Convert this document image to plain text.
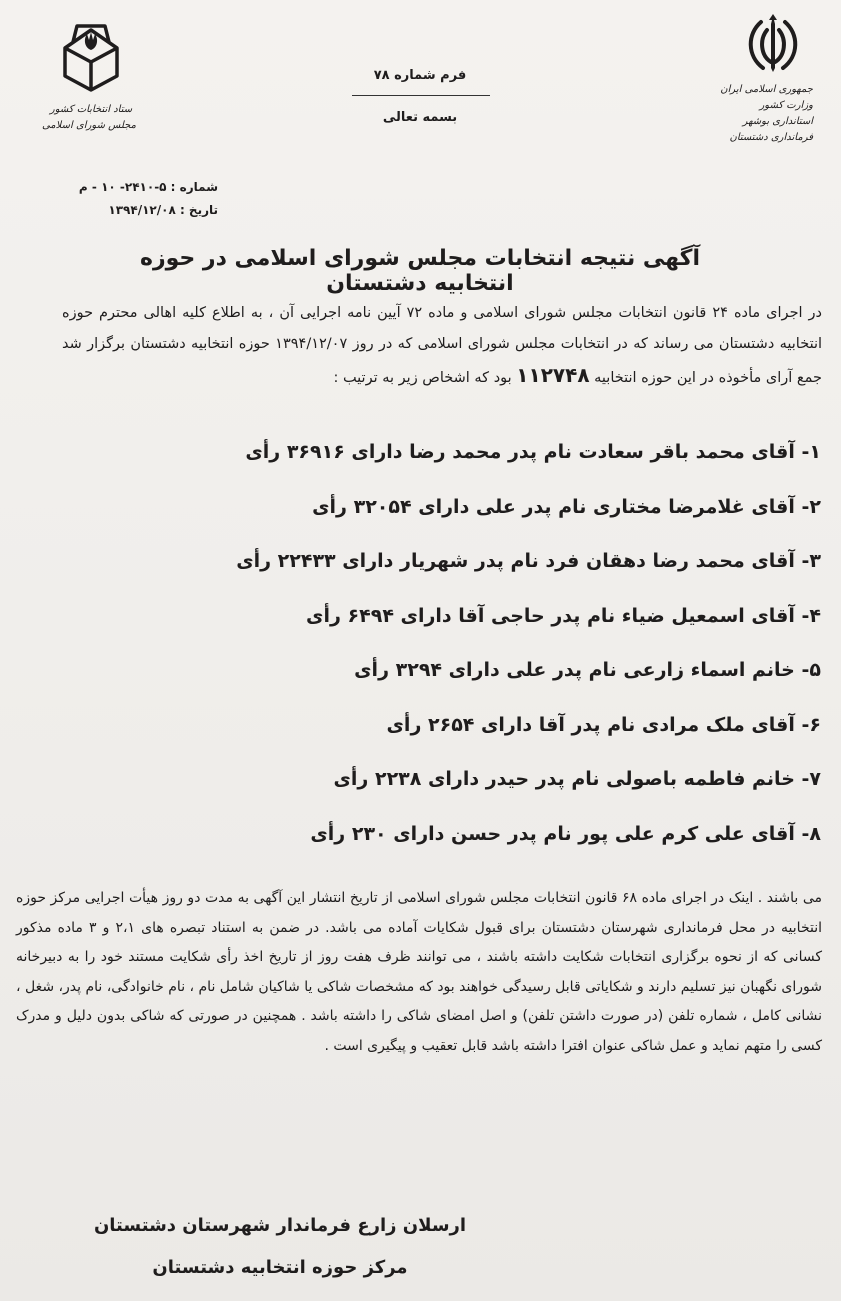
جمهوری اسلامی ایران
وزارت کشور
استانداری بوشهر
فرمانداری دشتستان
ستاد انتخابات کشور
مجلس شورای اسلامی
فرم شماره ۷۸
بسمه تعالی
شماره : ۵-۲۴۱۰- ۱۰ - م
تاریخ : ۱۳۹۴/۱۲/۰۸
آگهی نتیجه انتخابات مجلس شورای اسلامی در حوزه انتخابیه دشتستان
در اجرای ماده ۲۴ قانون انتخابات مجلس شورای اسلامی و ماده ۷۲ آیین نامه اجرایی آن ، به اطلاع کلیه اهالی محترم حوزه انتخابیه دشتستان می رساند که در انتخابات مجلس شورای اسلامی که در روز ۱۳۹۴/۱۲/۰۷ حوزه انتخابیه دشتستان برگزار شد جمع آرای مأخوذه در این حوزه انتخابیه ۱۱۲۷۴۸ بود که اشخاص زیر به ترتیب :
۱- آقای محمد باقر سعادت نام پدر محمد رضا دارای ۳۶۹۱۶ رأی
۲- آقای غلامرضا مختاری نام پدر علی دارای ۳۲۰۵۴ رأی
۳- آقای محمد رضا دهقان فرد نام پدر شهریار دارای ۲۲۴۳۳ رأی
۴- آقای اسمعیل ضیاء نام پدر حاجی آقا دارای ۶۴۹۴ رأی
۵- خانم اسماء زارعی نام پدر علی دارای ۳۲۹۴ رأی
۶- آقای ملک مرادی نام پدر آقا دارای ۲۶۵۴ رأی
۷- خانم فاطمه باصولی نام پدر حیدر دارای ۲۲۳۸ رأی
۸- آقای علی کرم علی پور نام پدر حسن دارای ۲۳۰ رأی
می باشند . اینک در اجرای ماده ۶۸ قانون انتخابات مجلس شورای اسلامی از تاریخ انتشار این آگهی به مدت دو روز هیأت اجرایی مرکز حوزه انتخابیه در محل فرمانداری شهرستان دشتستان برای قبول شکایات آماده می باشد. در ضمن به استناد تبصره های ۲،۱ و ۳ ماده مذکور کسانی که از نحوه برگزاری انتخابات شکایت داشته باشند ، می توانند ظرف هفت روز از تاریخ اخذ رأی شکایت مستند خود را به دبیرخانه شورای نگهبان نیز تسلیم دارند و شکایاتی قابل رسیدگی خواهند بود که مشخصات شاکی یا شاکیان شامل نام ، نام خانوادگی، نام پدر، شغل ، نشانی کامل ، شماره تلفن (در صورت داشتن تلفن) و اصل امضای شاکی را داشته باشد . همچنین در صورتی که شاکی بدون دلیل و مدرک کسی را متهم نماید و عمل شاکی عنوان افترا داشته باشد قابل تعقیب و پیگیری است .
ارسلان زارع فرماندار شهرستان دشتستان
مرکز حوزه انتخابیه دشتستان
